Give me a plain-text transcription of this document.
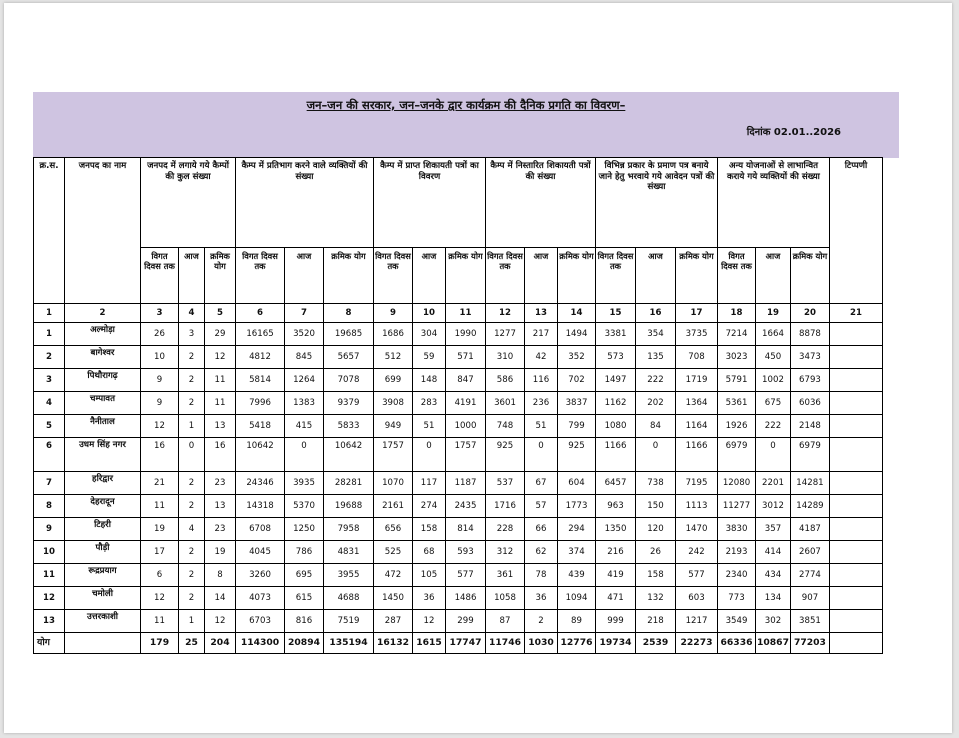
जन–जन की सरकार, जन–जनके द्वार कार्यक्रम की दैनिक प्रगति का विवरण–
दिनांक 02.01..2026
क्र.स.	जनपद का नाम	जनपद में लगाये गये कैम्पों की कुल संख्या			कैम्प में प्रतिभाग करने वाले व्यक्तियों की संख्या			कैम्प में प्राप्त शिकायती पत्रों का विवरण			कैम्प में निस्तारित शिकायती पत्रों की संख्या			विभिन्न प्रकार के प्रमाण पत्र बनाये जाने हेतु भरवाये गये आवेदन पत्रों की संख्या			अन्य योजनाओं से लाभान्वित कराये गये व्यक्तियों की संख्या			टिप्पणी
		विगत दिवस तक	आज	क्रमिक योग	विगत दिवस तक	आज	क्रमिक योग	विगत दिवस तक	आज	क्रमिक योग	विगत दिवस तक	आज	क्रमिक योग	विगत दिवस तक	आज	क्रमिक योग	विगत दिवस तक	आज	क्रमिक योग	
1	2	3	4	5	6	7	8	9	10	11	12	13	14	15	16	17	18	19	20	21
1	अल्मोड़ा	26	3	29	16165	3520	19685	1686	304	1990	1277	217	1494	3381	354	3735	7214	1664	8878	
2	बागेश्वर	10	2	12	4812	845	5657	512	59	571	310	42	352	573	135	708	3023	450	3473	
3	पिथौरागढ़	9	2	11	5814	1264	7078	699	148	847	586	116	702	1497	222	1719	5791	1002	6793	
4	चम्पावत	9	2	11	7996	1383	9379	3908	283	4191	3601	236	3837	1162	202	1364	5361	675	6036	
5	नैनीताल	12	1	13	5418	415	5833	949	51	1000	748	51	799	1080	84	1164	1926	222	2148	
6	उधम सिंह नगर	16	0	16	10642	0	10642	1757	0	1757	925	0	925	1166	0	1166	6979	0	6979	
7	हरिद्वार	21	2	23	24346	3935	28281	1070	117	1187	537	67	604	6457	738	7195	12080	2201	14281	
8	देहरादून	11	2	13	14318	5370	19688	2161	274	2435	1716	57	1773	963	150	1113	11277	3012	14289	
9	टिहरी	19	4	23	6708	1250	7958	656	158	814	228	66	294	1350	120	1470	3830	357	4187	
10	पौड़ी	17	2	19	4045	786	4831	525	68	593	312	62	374	216	26	242	2193	414	2607	
11	रूद्रप्रयाग	6	2	8	3260	695	3955	472	105	577	361	78	439	419	158	577	2340	434	2774	
12	चमोली	12	2	14	4073	615	4688	1450	36	1486	1058	36	1094	471	132	603	773	134	907	
13	उत्तरकाशी	11	1	12	6703	816	7519	287	12	299	87	2	89	999	218	1217	3549	302	3851	
योग		179	25	204	114300	20894	135194	16132	1615	17747	11746	1030	12776	19734	2539	22273	66336	10867	77203	
